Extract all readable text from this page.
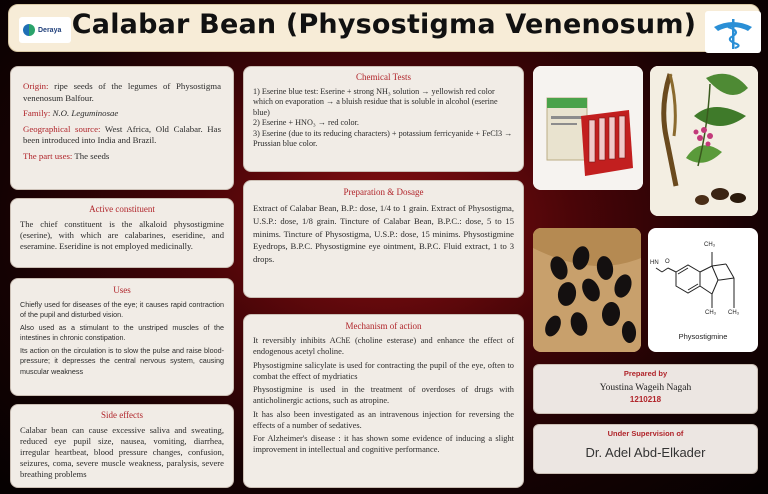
Deraya Calabar Bean (Physostigma Venenosum)

Origin: ripe seeds of the legumes of Physostigma venenosum Balfour.

Family: N.O. Leguminosae

Geographical source: West Africa, Old Calabar. Has been introduced into India and Brazil.

The part uses: The seeds

Active constituent

The chief constituent is the alkaloid physostigmine (eserine), with which are calabarines, eseridine, and eseramine. Eseridine is not employed medicinally.

Uses

Chiefly used for diseases of the eye; it causes rapid contraction of the pupil and disturbed vision.

Also used as a stimulant to the unstriped muscles of the intestines in chronic constipation.

Its action on the circulation is to slow the pulse and raise blood-pressure; it depresses the central nervous system, causing muscular weakness

Side effects

Calabar bean can cause excessive saliva and sweating, reduced eye pupil size, nausea, vomiting, diarrhea, irregular heartbeat, blood pressure changes, confusion, seizures, coma, severe muscle weakness, paralysis, severe breathing problems

Chemical Tests

1) Eserine blue test: Eserine + strong NH₃ solution → yellowish red color which on evaporation → a bluish residue that is soluble in alcohol (eserine blue)

2) Eserine + HNO₃ → red color.

3) Eserine (due to its reducing characters) + potassium ferricyanide + FeCl3 → Prussian blue color.

Preparation & Dosage

Extract of Calabar Bean, B.P.: dose, 1/4 to 1 grain. Extract of Physostigma, U.S.P.: dose, 1/8 grain. Tincture of Calabar Bean, B.P.C.: dose, 5 to 15 minims. Tincture of Physostigma, U.S.P.: dose, 15 minims. Physostigmine Eyedrops, B.P.C. Physostigmine eye ointment, B.P.C. Fluid extract, 1 to 3 drops.

Mechanism of action

It reversibly inhibits AChE (choline esterase) and enhance the effect of endogenous acetyl choline.

Physostigmine salicylate is used for contracting the pupil of the eye, often to combat the effect of mydriatics

Physostigmine is used in the treatment of overdoses of drugs with anticholinergic actions, such as atropine.

It has also been investigated as an intravenous injection for reversing the effects of a number of sedatives.

For Alzheimer's disease : it has shown some evidence of inducing a slight improvement in intellectual and cognitive performance.

CH₃
HN O
CH₃ CH₃
Physostigmine
Prepared by
Youstina Wageih Nagah
1210218
Under Supervision of
Dr. Adel Abd-Elkader
